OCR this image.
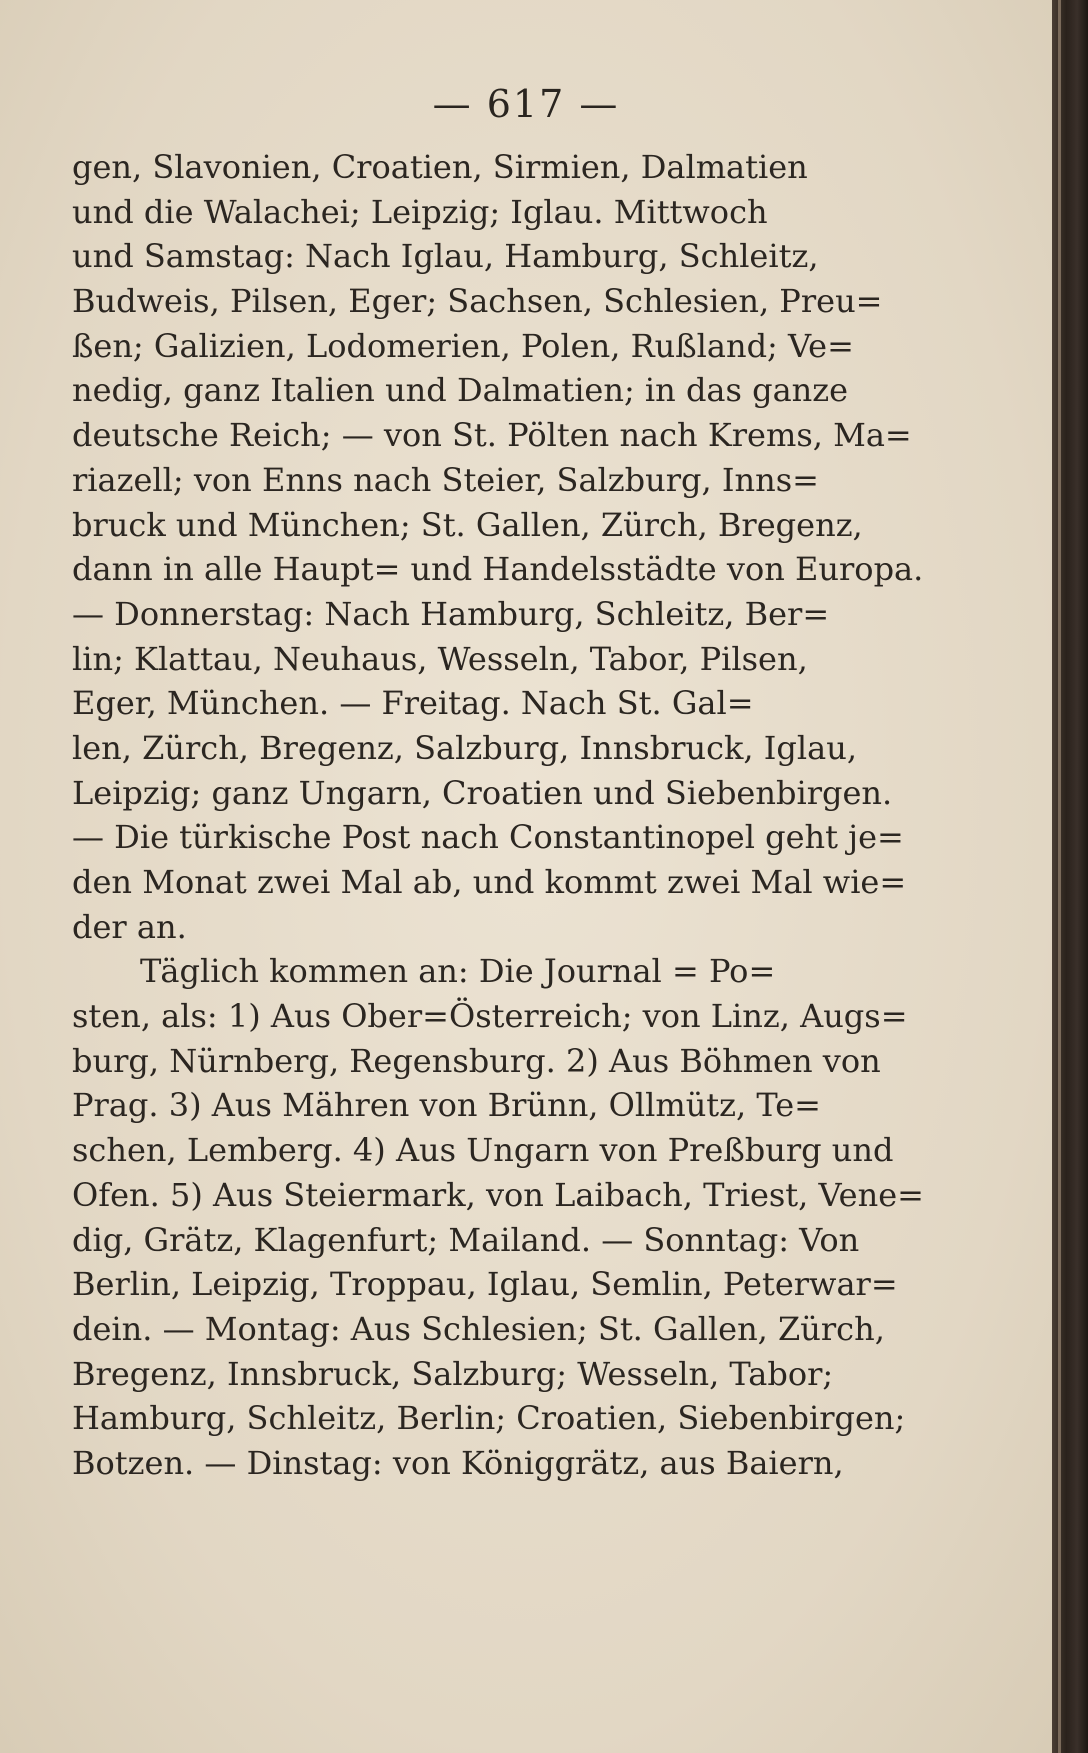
— 617 —
gen, Slavonien, Croatien, Sirmien, Dalmatien
und die Walachei; Leipzig; Iglau. Mittwoch
und Samstag: Nach Iglau, Hamburg, Schleitz,
Budweis, Pilsen, Eger; Sachsen, Schlesien, Preu=
ßen; Galizien, Lodomerien, Polen, Rußland; Ve=
nedig, ganz Italien und Dalmatien; in das ganze
deutsche Reich; — von St. Pölten nach Krems, Ma=
riazell; von Enns nach Steier, Salzburg, Inns=
bruck und München; St. Gallen, Zürch, Bregenz,
dann in alle Haupt= und Handelsstädte von Europa.
— Donnerstag: Nach Hamburg, Schleitz, Ber=
lin; Klattau, Neuhaus, Wesseln, Tabor, Pilsen,
Eger, München. — Freitag. Nach St. Gal=
len, Zürch, Bregenz, Salzburg, Innsbruck, Iglau,
Leipzig; ganz Ungarn, Croatien und Siebenbirgen.
— Die türkische Post nach Constantinopel geht je=
den Monat zwei Mal ab, und kommt zwei Mal wie=
der an.
Täglich kommen an: Die Journal = Po=
sten, als: 1) Aus Ober=Österreich; von Linz, Augs=
burg, Nürnberg, Regensburg. 2) Aus Böhmen von
Prag. 3) Aus Mähren von Brünn, Ollmütz, Te=
schen, Lemberg. 4) Aus Ungarn von Preßburg und
Ofen. 5) Aus Steiermark, von Laibach, Triest, Vene=
dig, Grätz, Klagenfurt; Mailand. — Sonntag: Von
Berlin, Leipzig, Troppau, Iglau, Semlin, Peterwar=
dein. — Montag: Aus Schlesien; St. Gallen, Zürch,
Bregenz, Innsbruck, Salzburg; Wesseln, Tabor;
Hamburg, Schleitz, Berlin; Croatien, Siebenbirgen;
Botzen. — Dinstag: von Königgrätz, aus Baiern,
